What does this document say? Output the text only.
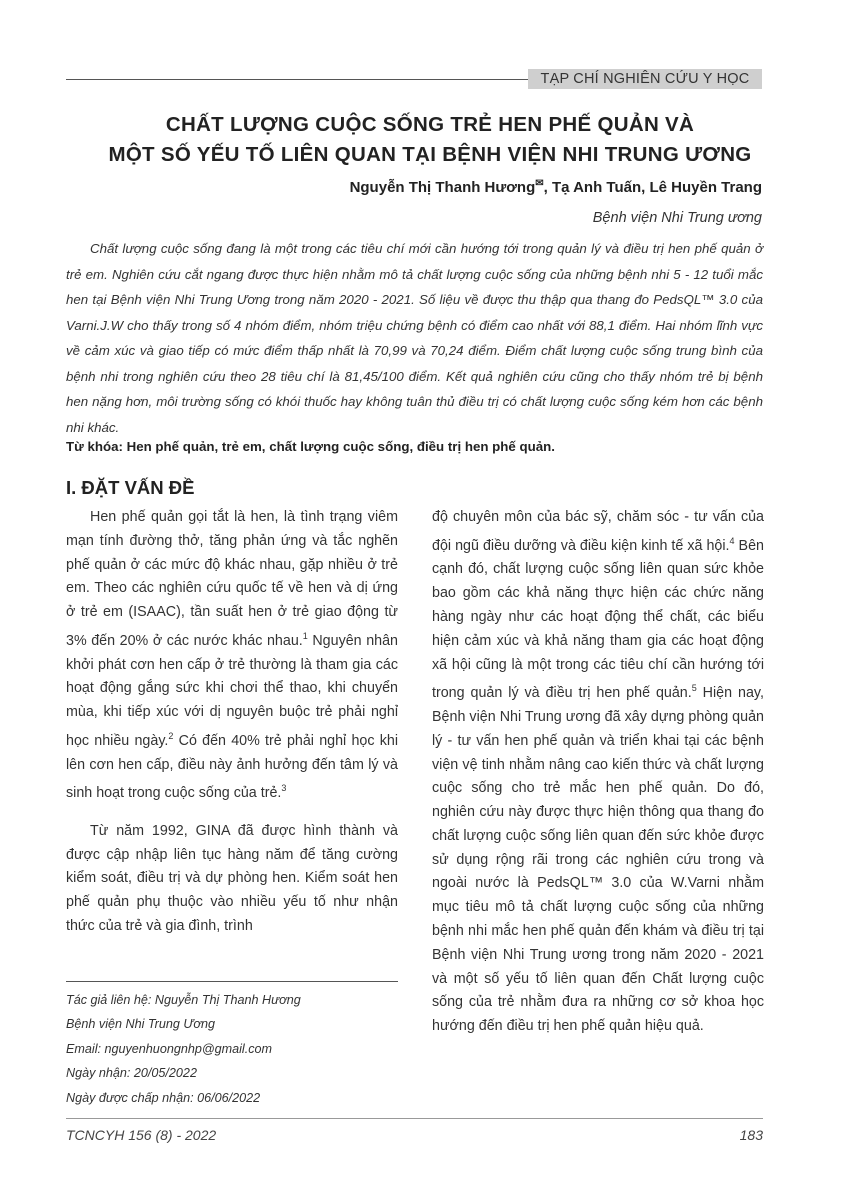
TẠP CHÍ NGHIÊN CỨU Y HỌC
CHẤT LƯỢNG CUỘC SỐNG TRẺ HEN PHẾ QUẢN VÀ
MỘT SỐ YẾU TỐ LIÊN QUAN TẠI BỆNH VIỆN NHI TRUNG ƯƠNG
Nguyễn Thị Thanh Hương✉, Tạ Anh Tuấn, Lê Huyền Trang
Bệnh viện Nhi Trung ương

Chất lượng cuộc sống đang là một trong các tiêu chí mới cần hướng tới trong quản lý và điều trị hen phế quản ở trẻ em. Nghiên cứu cắt ngang được thực hiện nhằm mô tả chất lượng cuộc sống của những bệnh nhi 5 - 12 tuổi mắc hen tại Bệnh viện Nhi Trung Ương trong năm 2020 - 2021. Số liệu về được thu thập qua thang đo PedsQL™ 3.0 của Varni.J.W cho thấy trong số 4 nhóm điểm, nhóm triệu chứng bệnh có điểm cao nhất với 88,1 điểm. Hai nhóm lĩnh vực về cảm xúc và giao tiếp có mức điểm thấp nhất là 70,99 và 70,24 điểm. Điểm chất lượng cuộc sống trung bình của bệnh nhi trong nghiên cứu theo 28 tiêu chí là 81,45/100 điểm. Kết quả nghiên cứu cũng cho thấy nhóm trẻ bị bệnh hen nặng hơn, môi trường sống có khói thuốc hay không tuân thủ điều trị có chất lượng cuộc sống kém hơn các bệnh nhi khác.

Từ khóa: Hen phế quản, trẻ em, chất lượng cuộc sống, điều trị hen phế quản.

I. ĐẶT VẤN ĐỀ

Hen phế quản gọi tắt là hen, là tình trạng viêm mạn tính đường thở, tăng phản ứng và tắc nghẽn phế quản ở các mức độ khác nhau, gặp nhiều ở trẻ em. Theo các nghiên cứu quốc tế về hen và dị ứng ở trẻ em (ISAAC), tần suất hen ở trẻ giao động từ 3% đến 20% ở các nước khác nhau.$^1$ Nguyên nhân khởi phát cơn hen cấp ở trẻ thường là tham gia các hoạt động gắng sức khi chơi thể thao, khi chuyển mùa, khi tiếp xúc với dị nguyên buộc trẻ phải nghỉ học nhiều ngày.$^2$ Có đến 40% trẻ phải nghỉ học khi lên cơn hen cấp, điều này ảnh hưởng đến tâm lý và sinh hoạt trong cuộc sống của trẻ.$^3$

Từ năm 1992, GINA đã được hình thành và được cập nhập liên tục hàng năm để tăng cường kiểm soát, điều trị và dự phòng hen. Kiểm soát hen phế quản phụ thuộc vào nhiều yếu tố như nhận thức của trẻ và gia đình, trình

độ chuyên môn của bác sỹ, chăm sóc - tư vấn của đội ngũ điều dưỡng và điều kiện kinh tế xã hội.$^4$ Bên cạnh đó, chất lượng cuộc sống liên quan sức khỏe bao gồm các khả năng thực hiện các chức năng hàng ngày như các hoạt động thể chất, các biểu hiện cảm xúc và khả năng tham gia các hoạt động xã hội cũng là một trong các tiêu chí cần hướng tới trong quản lý và điều trị hen phế quản.$^5$ Hiện nay, Bệnh viện Nhi Trung ương đã xây dựng phòng quản lý - tư vấn hen phế quản và triển khai tại các bệnh viện vệ tinh nhằm nâng cao kiến thức và chất lượng cuộc sống cho trẻ mắc hen phế quản. Do đó, nghiên cứu này được thực hiện thông qua thang đo chất lượng cuộc sống liên quan đến sức khỏe được sử dụng rộng rãi trong các nghiên cứu trong và ngoài nước là PedsQL™ 3.0 của W.Varni nhằm mục tiêu mô tả chất lượng cuộc sống của những bệnh nhi mắc hen phế quản đến khám và điều trị tại Bệnh viện Nhi Trung ương trong năm 2020 - 2021 và một số yếu tố liên quan đến Chất lượng cuộc sống của trẻ nhằm đưa ra những cơ sở khoa học hướng đến điều trị hen phế quản hiệu quả.

Tác giả liên hệ: Nguyễn Thị Thanh Hương
Bệnh viện Nhi Trung Ương
Email: nguyenhuongnhp@gmail.com
Ngày nhận: 20/05/2022
Ngày được chấp nhận: 06/06/2022
TCNCYH 156 (8) - 2022	183
